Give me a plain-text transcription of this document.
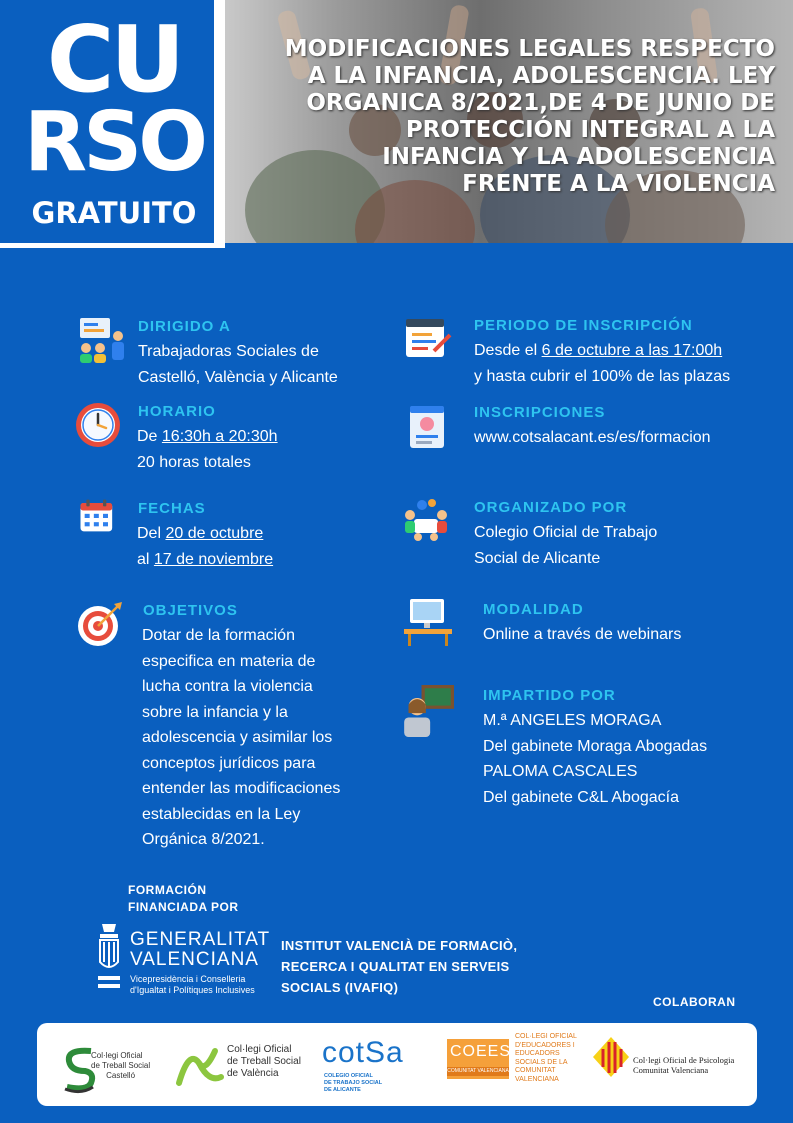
CU
RSO
GRATUITO
MODIFICACIONES LEGALES RESPECTO
A LA INFANCIA, ADOLESCENCIA. LEY
ORGANICA 8/2021,DE 4 DE JUNIO DE
PROTECCIÓN INTEGRAL A LA
INFANCIA Y LA ADOLESCENCIA
FRENTE A LA VIOLENCIA
DIRIGIDO A
Trabajadoras Sociales de
Castelló, València y Alicante
HORARIO
De 16:30h a 20:30h
20 horas totales
FECHAS
Del 20 de octubre
al 17 de noviembre
OBJETIVOS
Dotar de la formación
especifica en materia de
lucha contra la violencia
sobre la infancia y la
adolescencia y asimilar los
conceptos jurídicos para
entender las modificaciones
establecidas en la Ley
Orgánica 8/2021.
PERIODO DE INSCRIPCIÓN
Desde el 6 de octubre a las 17:00h
y hasta cubrir el 100% de las plazas
INSCRIPCIONES
www.cotsalacant.es/es/formacion
ORGANIZADO POR
Colegio Oficial de Trabajo
Social de Alicante
MODALIDAD
Online a través de webinars
IMPARTIDO POR
M.ª ANGELES MORAGA
Del gabinete Moraga Abogadas
PALOMA CASCALES
Del gabinete C&L Abogacía
FORMACIÓN
FINANCIADA POR
GENERALITAT
VALENCIANA
Vicepresidència i Conselleria
d'Igualtat i Polítiques Inclusives
INSTITUT VALENCIÀ DE FORMACIÒ,
RECERCA I QUALITAT EN SERVEIS
SOCIALS (IVAFIQ)
COLABORAN
Col·legi Oficial
de Treball Social
Castelló
Col·legi Oficial
de Treball Social
de València
cotSa
COLEGIO OFICIAL
DE TRABAJO SOCIAL
DE ALICANTE
COEES
COMUNITAT VALENCIANA
COL·LEGI OFICIAL
D'EDUCADORES I
EDUCADORS
SOCIALS DE LA
COMUNITAT
VALENCIANA
Col·legi Oficial de Psicologia
Comunitat Valenciana
